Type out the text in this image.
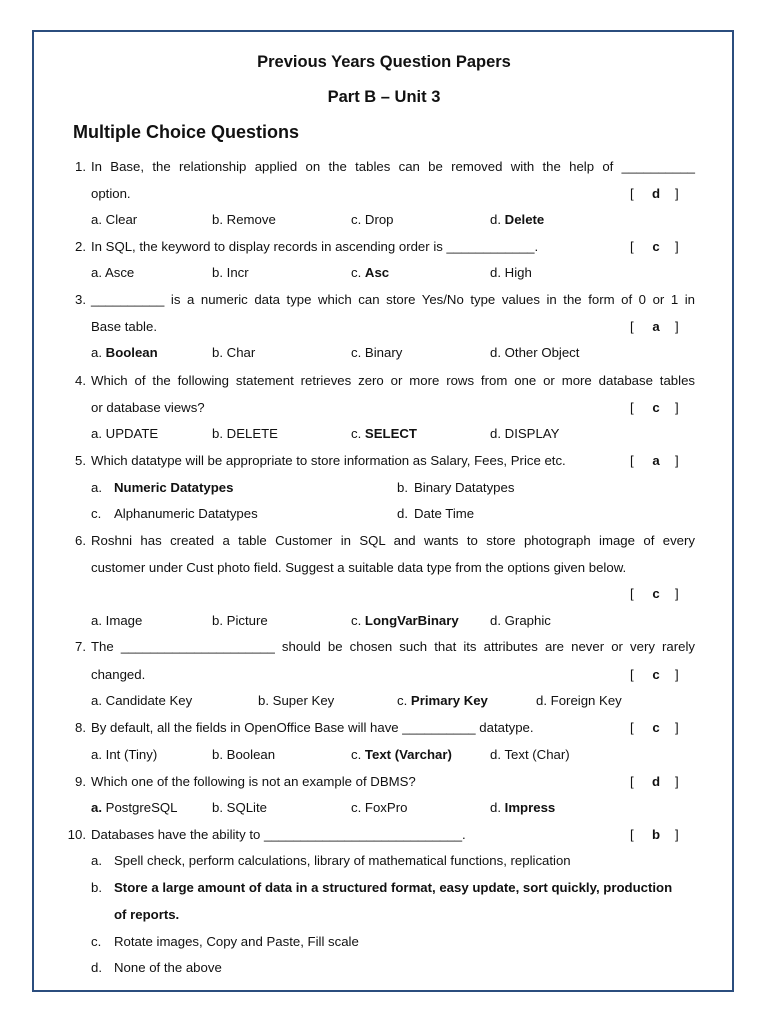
Previous Years Question Papers
Part B – Unit 3
Multiple Choice Questions
1. In Base, the relationship applied on the tables can be removed with the help of __________
option.	[ d ]
a. Clear	b. Remove	c. Drop	d. Delete
2. In SQL, the keyword to display records in ascending order is ____________.	[ c ]
a. Asce	b. Incr	c. Asc	d. High
3. __________ is a numeric data type which can store Yes/No type values in the form of 0 or 1 in
Base table.	[ a ]
a. Boolean	b. Char	c. Binary	d. Other Object
4. Which of the following statement retrieves zero or more rows from one or more database tables
or database views?	[ c ]
a. UPDATE	b. DELETE	c. SELECT	d. DISPLAY
5. Which datatype will be appropriate to store information as Salary, Fees, Price etc.	[ a ]
a. Numeric Datatypes	b. Binary Datatypes
c. Alphanumeric Datatypes	d. Date Time
6. Roshni has created a table Customer in SQL and wants to store photograph image of every
customer under Cust photo field. Suggest a suitable data type from the options given below.
[ c ]
a. Image	b. Picture	c. LongVarBinary d. Graphic
7. The _____________________ should be chosen such that its attributes are never or very rarely
changed.	[ c ]
a. Candidate Key	b. Super Key	c. Primary Key	d. Foreign Key
8. By default, all the fields in OpenOffice Base will have __________ datatype.	[ c ]
a. Int (Tiny)	b. Boolean	c. Text (Varchar)	d. Text (Char)
9. Which one of the following is not an example of DBMS?	[ d ]
a. PostgreSQL	b. SQLite	c. FoxPro	d. Impress
10. Databases have the ability to ___________________________.	[ b ]
a. Spell check, perform calculations, library of mathematical functions, replication
b. Store a large amount of data in a structured format, easy update, sort quickly, production
of reports.
c. Rotate images, Copy and Paste, Fill scale
d. None of the above
